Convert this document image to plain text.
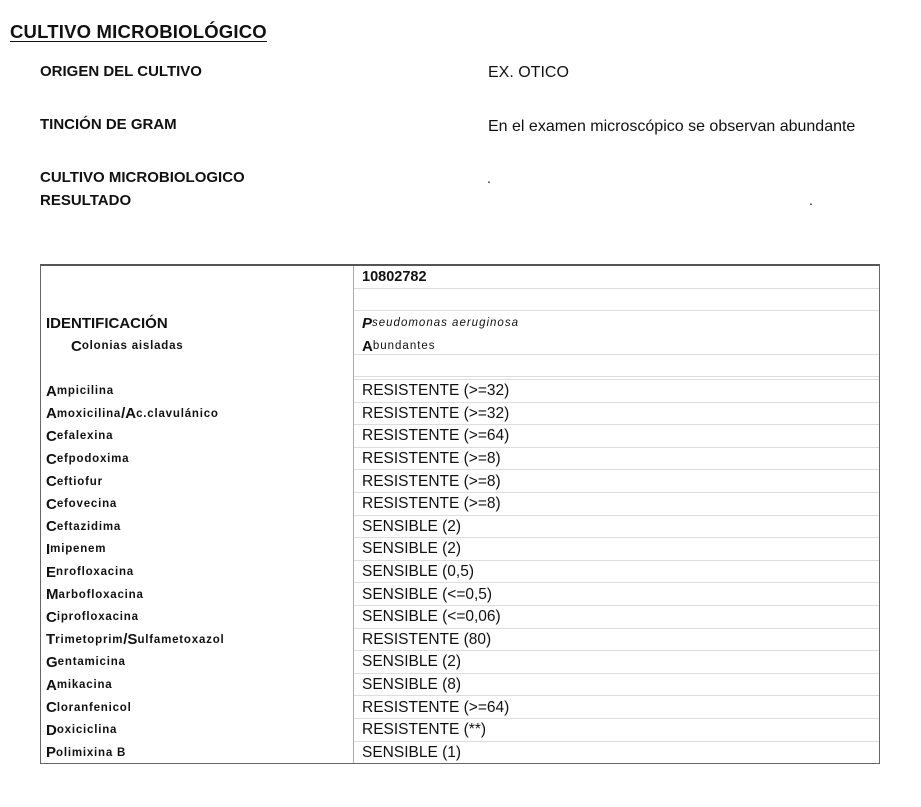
CULTIVO MICROBIOLÓGICO
ORIGEN DEL CULTIVO	EX. OTICO
TINCIÓN DE GRAM	En el examen microscópico se observan abundante
CULTIVO MICROBIOLOGICO
RESULTADO
.
.
10802782
IDENTIFICACIÓN	P seudomonas aeruginosa
C olonias aisladas	A bundantes
A mpicilina	RESISTENTE (>=32)
A moxicilina / A c.clavulánico	RESISTENTE (>=32)
C efalexina	RESISTENTE (>=64)
C efpodoxima	RESISTENTE (>=8)
C eftiofur	RESISTENTE (>=8)
C efovecina	RESISTENTE (>=8)
C eftazidima	SENSIBLE (2)
I mipenem	SENSIBLE (2)
E nrofloxacina	SENSIBLE (0,5)
M arbofloxacina	SENSIBLE (<=0,5)
C iprofloxacina	SENSIBLE (<=0,06)
T rimetoprim / S ulfametoxazol	RESISTENTE (80)
G entamicina	SENSIBLE (2)
A mikacina	SENSIBLE (8)
C loranfenicol	RESISTENTE (>=64)
D oxiciclina	RESISTENTE (**)
P olimixina B	SENSIBLE (1)
